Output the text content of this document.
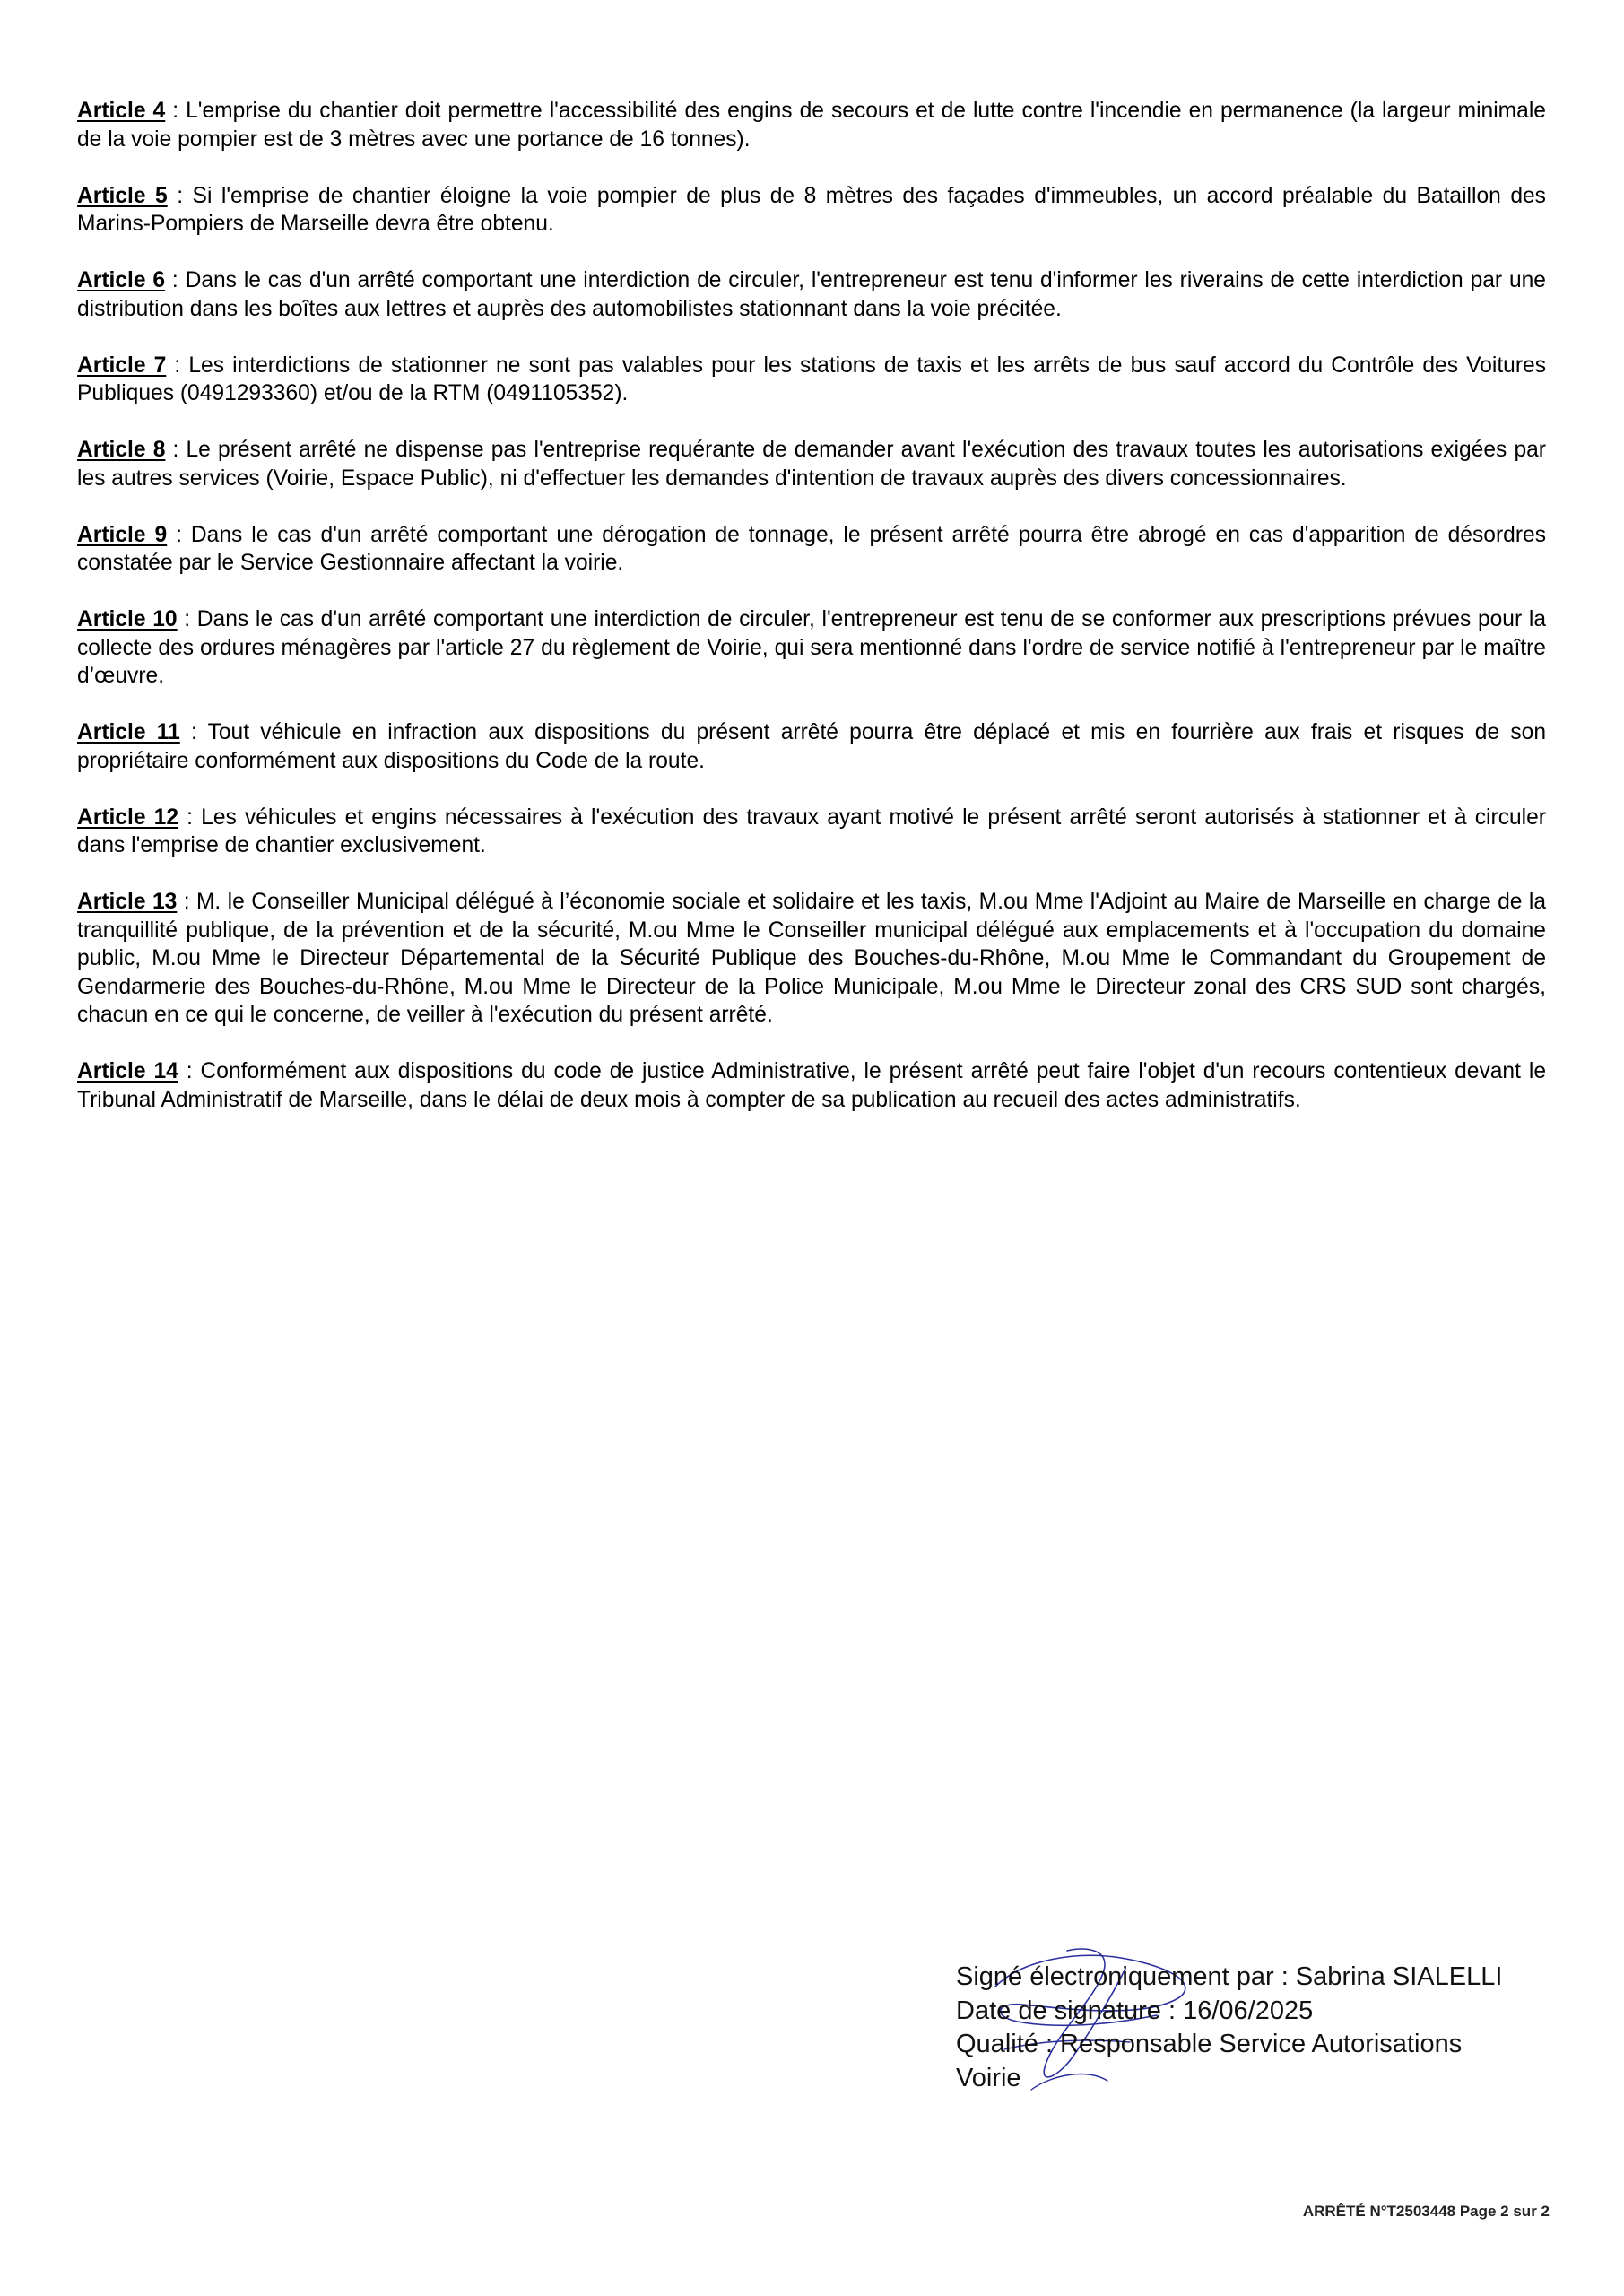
Article 4 : L'emprise du chantier doit permettre l'accessibilité des engins de secours et de lutte contre l'incendie en permanence (la largeur minimale de la voie pompier est de 3 mètres avec une portance de 16 tonnes).

Article 5 : Si l'emprise de chantier éloigne la voie pompier de plus de 8 mètres des façades d'immeubles, un accord préalable du Bataillon des Marins-Pompiers de Marseille devra être obtenu.

Article 6 : Dans le cas d'un arrêté comportant une interdiction de circuler, l'entrepreneur est tenu d'informer les riverains de cette interdiction par une distribution dans les boîtes aux lettres et auprès des automobilistes stationnant dans la voie précitée.

Article 7 : Les interdictions de stationner ne sont pas valables pour les stations de taxis et les arrêts de bus sauf accord du Contrôle des Voitures Publiques (0491293360) et/ou de la RTM (0491105352).

Article 8 : Le présent arrêté ne dispense pas l'entreprise requérante de demander avant l'exécution des travaux toutes les autorisations exigées par les autres services (Voirie, Espace Public), ni d'effectuer les demandes d'intention de travaux auprès des divers concessionnaires.

Article 9 : Dans le cas d'un arrêté comportant une dérogation de tonnage, le présent arrêté pourra être abrogé en cas d'apparition de désordres constatée par le Service Gestionnaire affectant la voirie.

Article 10 : Dans le cas d'un arrêté comportant une interdiction de circuler, l'entrepreneur est tenu de se conformer aux prescriptions prévues pour la collecte des ordures ménagères par l'article 27 du règlement de Voirie, qui sera mentionné dans l'ordre de service notifié à l'entrepreneur par le maître d’œuvre.

Article 11 : Tout véhicule en infraction aux dispositions du présent arrêté pourra être déplacé et mis en fourrière aux frais et risques de son propriétaire conformément aux dispositions du Code de la route.

Article 12 : Les véhicules et engins nécessaires à l'exécution des travaux ayant motivé le présent arrêté seront autorisés à stationner et à circuler dans l'emprise de chantier exclusivement.

Article 13 : M. le Conseiller Municipal délégué à l’économie sociale et solidaire et les taxis, M.ou Mme l'Adjoint au Maire de Marseille en charge de la tranquillité publique, de la prévention et de la sécurité, M.ou Mme le Conseiller municipal délégué aux emplacements et à l'occupation du domaine public, M.ou Mme le Directeur Départemental de la Sécurité Publique des Bouches-du-Rhône, M.ou Mme le Commandant du Groupement de Gendarmerie des Bouches-du-Rhône, M.ou Mme le Directeur de la Police Municipale, M.ou Mme le Directeur zonal des CRS SUD sont chargés, chacun en ce qui le concerne, de veiller à l'exécution du présent arrêté.

Article 14 : Conformément aux dispositions du code de justice Administrative, le présent arrêté peut faire l'objet d'un recours contentieux devant le Tribunal Administratif de Marseille, dans le délai de deux mois à compter de sa publication au recueil des actes administratifs.

Signé électroniquement par : Sabrina SIALELLI
Date de signature : 16/06/2025
Qualité : Responsable Service Autorisations
Voirie
ARRÊTÉ N°T2503448 Page 2 sur 2
